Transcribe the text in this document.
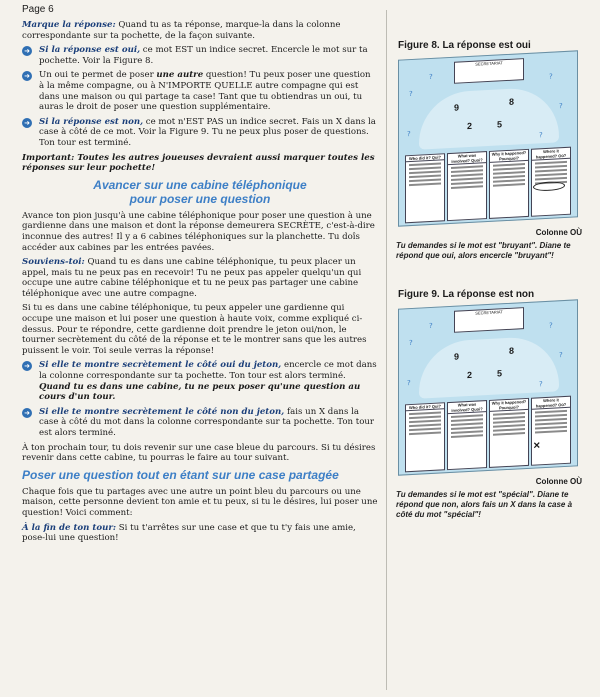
Page 6

Marque la réponse: Quand tu as ta réponse, marque-la dans la colonne correspondante sur ta pochette, de la façon suivante.

➜ Si la réponse est oui, ce mot EST un indice secret. Encercle le mot sur ta pochette. Voir la Figure 8.
➜ Un oui te permet de poser une autre question! Tu peux poser une question à la même compagne, ou à N'IMPORTE QUELLE autre compagne qui est dans une maison ou qui partage ta case! Tant que tu obtiendras un oui, tu auras le droit de poser une question supplémentaire.
➜ Si la réponse est non, ce mot n'EST PAS un indice secret. Fais un X dans la case à côté de ce mot. Voir la Figure 9. Tu ne peux plus poser de questions. Ton tour est terminé.

Important: Toutes les autres joueuses devraient aussi marquer toutes les réponses sur leur pochette!

Avancer sur une cabine téléphonique
pour poser une question

Avance ton pion jusqu'à une cabine téléphonique pour poser une question à une gardienne dans une maison et dont la réponse demeurera SECRÈTE, c'est-à-dire inconnue des autres! Il y a 6 cabines téléphoniques sur la planchette. Tu doîs accéder aux cabines par les entrées pavées.

Souviens-toi: Quand tu es dans une cabine téléphonique, tu peux placer un appel, mais tu ne peux pas en recevoir! Tu ne peux pas appeler quelqu'un qui occupe une autre cabine téléphonique et tu ne peux pas partager une cabine téléphonique avec une autre compagne.

Si tu es dans une cabine téléphonique, tu peux appeler une gardienne qui occupe une maison et lui poser une question à haute voix, comme expliqué ci-dessus. Pour te répondre, cette gardienne doit prendre le jeton oui/non, le tourner secrètement du côté de la réponse et te le montrer sans que les autres puissent le voir. Toi seule verras la réponse!

➜ Si elle te montre secrètement le côté oui du jeton, encercle ce mot dans la colonne correspondante sur ta pochette. Ton tour est alors terminé. Quand tu es dans une cabine, tu ne peux poser qu'une question au cours d'un tour.
➜ Si elle te montre secrètement le côté non du jeton, fais un X dans la case à côté du mot dans la colonne correspondante sur ta pochette. Ton tour est alors terminé.

À ton prochain tour, tu dois revenir sur une case bleue du parcours. Si tu désires revenir dans cette cabine, tu pourras le faire au tour suivant.

Poser une question tout en étant sur une case partagée

Chaque fois que tu partages avec une autre un point bleu du parcours ou une maison, cette personne devient ton amie et tu peux, si tu le désires, lui poser une question! Voici comment:

À la fin de ton tour: Si tu t'arrêtes sur une case et que tu t'y fais une amie, pose-lui une question!

Figure 8. La réponse est oui
SECRETARIAT
9
8
2	5
?
?	?
?
?	?
Who did it? Qui?	What was involved? Quoi?
Why it happened? Pourquoi?
Where it happened? Où?
Colonne OÙ
Tu demandes si le mot est "bruyant". Diane te répond que oui, alors encercle "bruyant"!
Figure 9. La réponse est non
SECRETARIAT
9
8
2	5
?
?	?
?
?	?
Who did it? Qui?	What was involved? Quoi?
Why it happened? Pourquoi?
Where it happened? Où?
✕
Colonne OÙ
Tu demandes si le mot est "spécial". Diane te répond que non, alors fais un X dans la case à côté du mot "spécial"!
